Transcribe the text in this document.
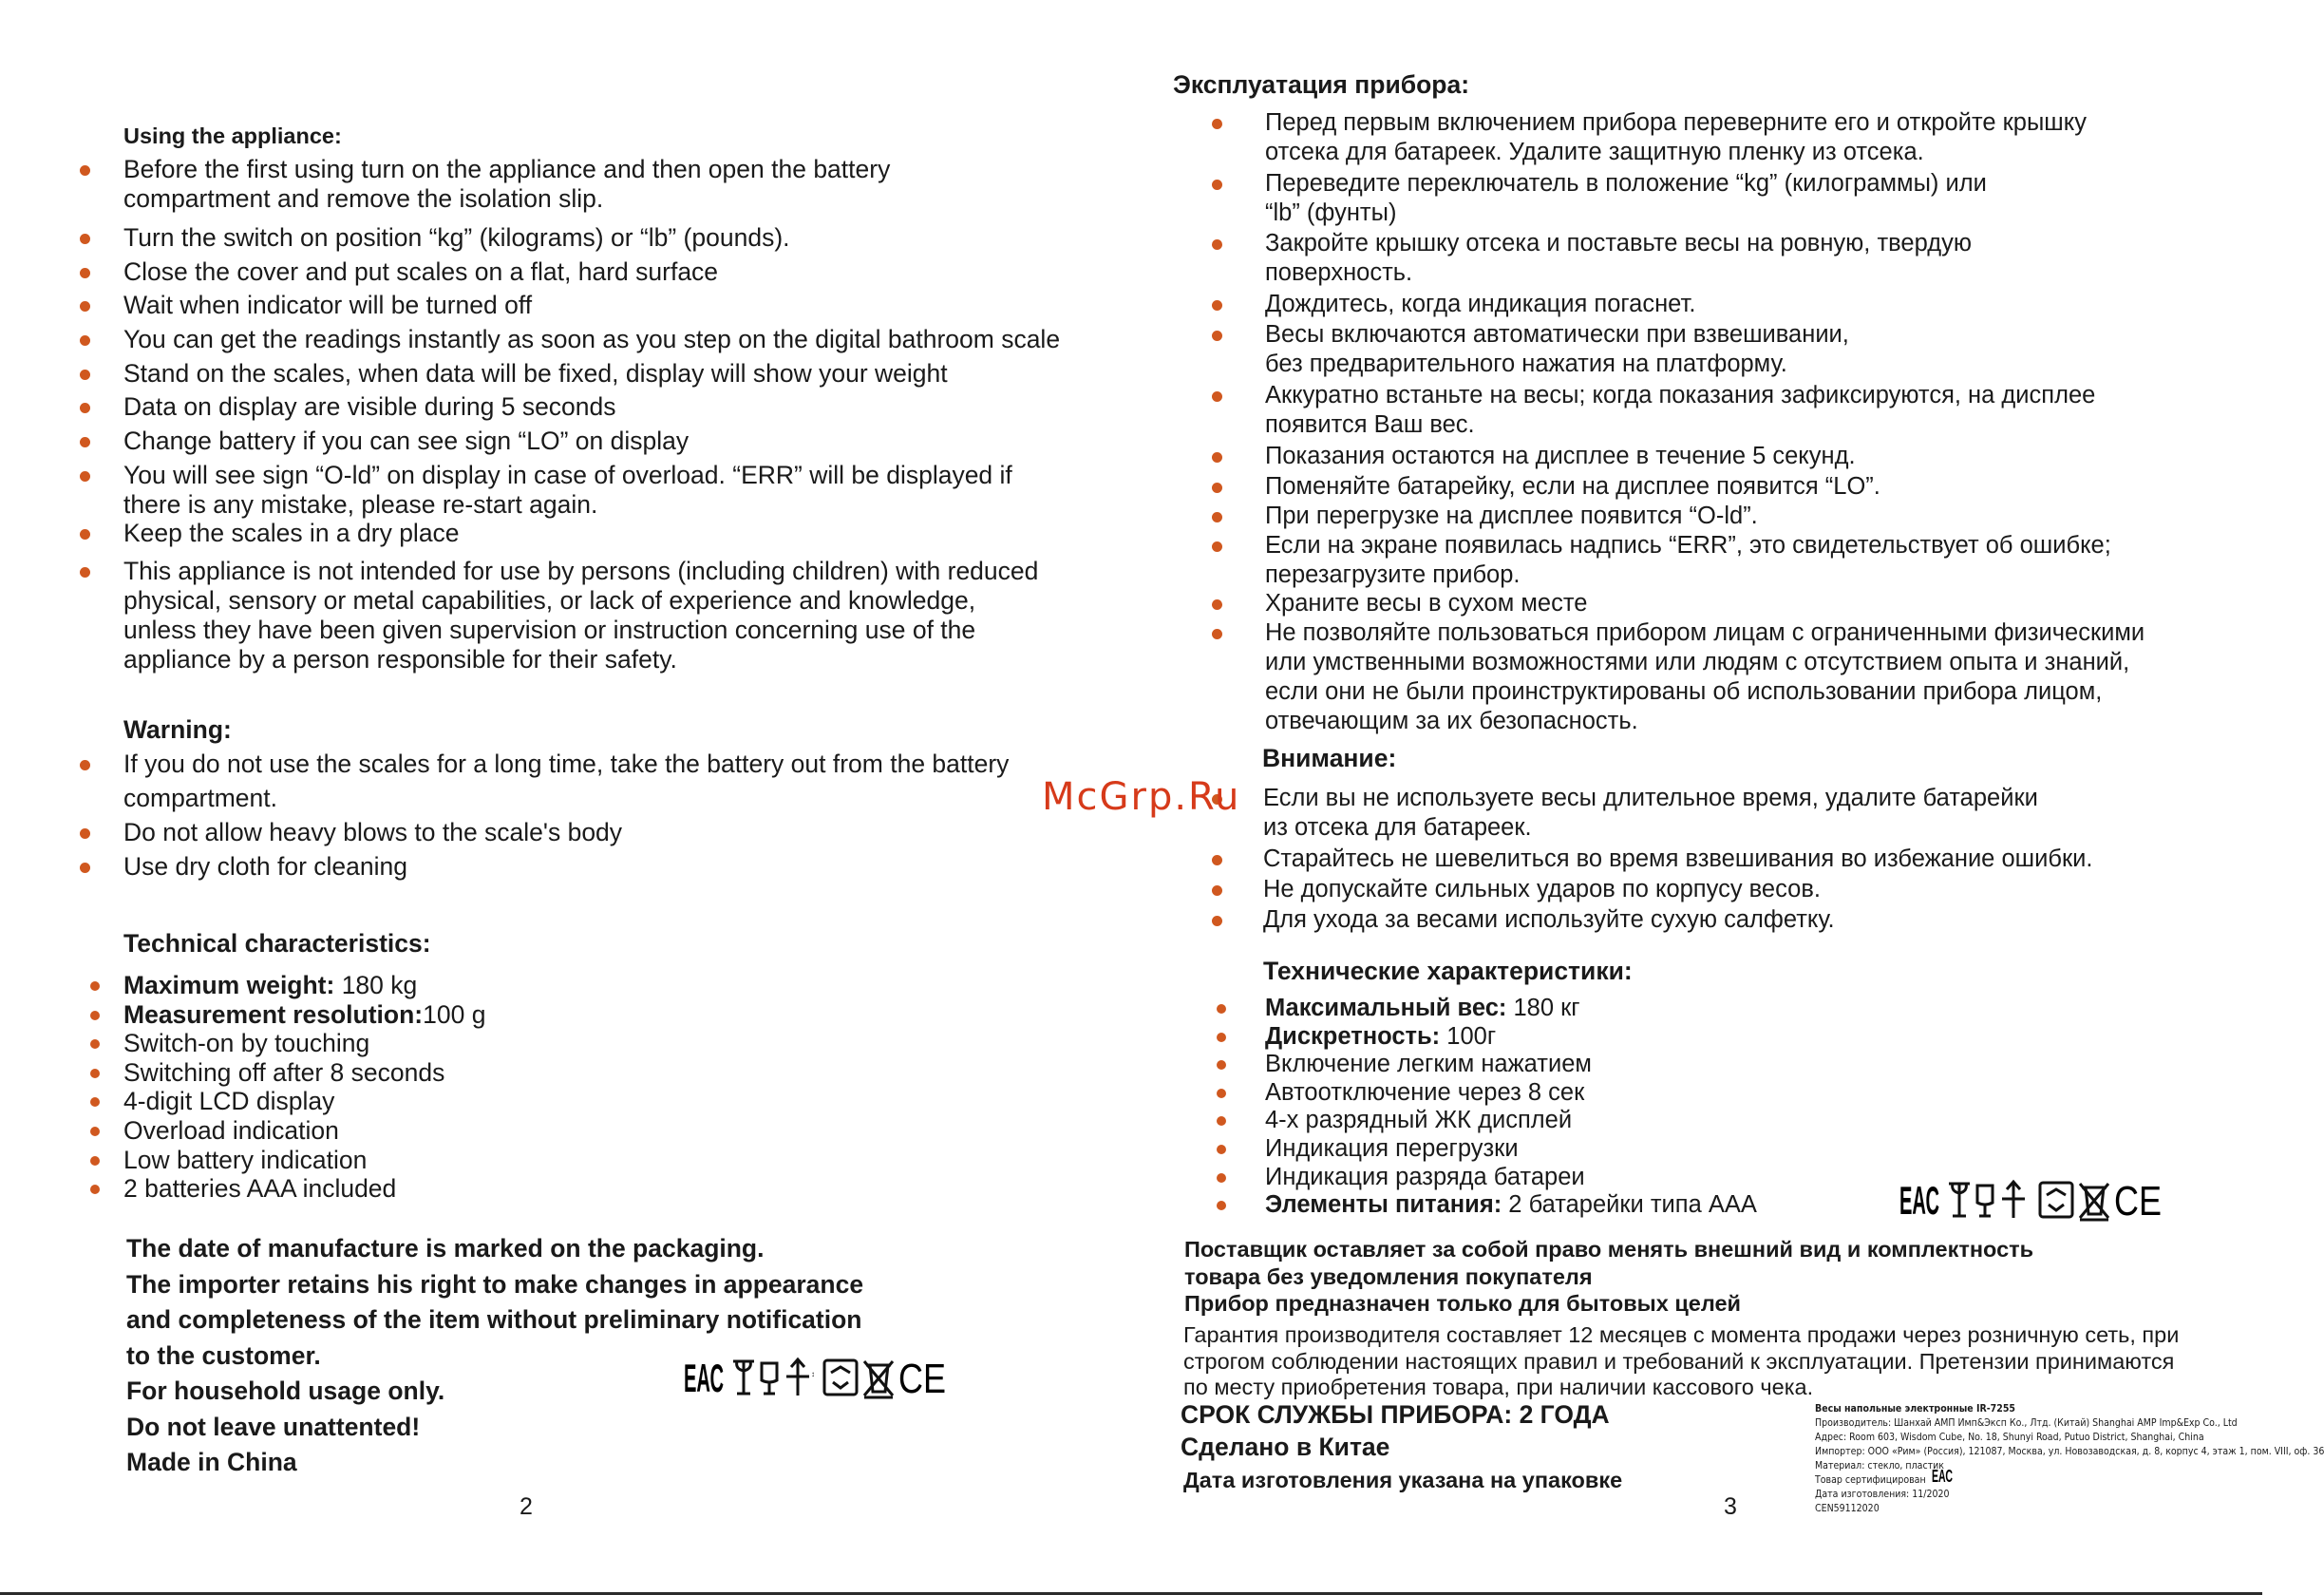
Using the appliance:
Before the first using turn on the appliance and then open the battery
compartment and remove the isolation slip.
Turn the switch on position “kg” (kilograms) or “lb” (pounds).
Close the cover and put scales on a flat, hard surface
Wait when indicator will be turned off
You can get the readings instantly as soon as you step on the digital bathroom scale
Stand on the scales, when data will be fixed, display will show your weight
Data on display are visible during 5 seconds
Change battery if you can see sign “LO” on display
You will see sign “O-ld” on display in case of overload. “ERR” will be displayed if
there is any mistake, please re-start again.
Keep the scales in a dry place
This appliance is not intended for use by persons (including children) with reduced
physical, sensory or metal capabilities, or lack of experience and knowledge,
unless they have been given supervision or instruction concerning use of the
appliance by a person responsible for their safety.
Warning:
If you do not use the scales for a long time, take the battery out from the battery
compartment.
Do not allow heavy blows to the scale's body
Use dry cloth for cleaning
Technical characteristics:
Maximum weight: 180 kg
Measurement resolution:100 g
Switch-on by touching
Switching off after 8 seconds
4-digit LCD display
Overload indication
Low battery indication
2 batteries AAA included
The date of manufacture is marked on the packaging.
The importer retains his right to make changes in appearance
and completeness of the item without preliminary notification
to the customer.
For household usage only.
Do not leave unattented!
Made in China
2
Эксплуатация прибора:
Перед первым включением прибора переверните его и откройте крышку
отсека для батареек. Удалите защитную пленку из отсека.
Переведите переключатель в положение “kg” (килограммы) или
“lb” (фунты)
Закройте крышку отсека и поставьте весы на ровную, твердую
поверхность.
Дождитесь, когда индикация погаснет.
Весы включаются автоматически при взвешивании,
без предварительного нажатия на платформу.
Аккуратно встаньте на весы; когда показания зафиксируются, на дисплее
появится Ваш вес.
Показания остаются на дисплее в течение 5 секунд.
Поменяйте батарейку, если на дисплее появится “LO”.
При перегрузке на дисплее появится “O-ld”.
Если на экране появилась надпись “ERR”, это свидетельствует об ошибке;
перезагрузите прибор.
Храните весы в сухом месте
Не позволяйте пользоваться прибором лицам с ограниченными физическими
или умственными возможностями или людям с отсутствием опыта и знаний,
если они не были проинструктированы об использовании прибора лицом,
отвечающим за их безопасность.
Внимание:
Если вы не используете весы длительное время, удалите батарейки
из отсека для батареек.
Старайтесь не шевелиться во время взвешивания во избежание ошибки.
Не допускайте сильных ударов по корпусу весов.
Для ухода за весами используйте сухую салфетку.
Технические характеристики:
Максимальный вес: 180 кг
Дискретность: 100г
Включение легким нажатием
Автоотключение через 8 сек
4-х разрядный ЖК дисплей
Индикация перегрузки
Индикация разряда батареи
Элементы питания: 2 батарейки типа ААА
Поставщик оставляет за собой право менять внешний вид и комплектность
товара без уведомления покупателя
Прибор предназначен только для бытовых целей
Гарантия производителя составляет 12 месяцев с момента продажи через розничную сеть, при
строгом соблюдении настоящих правил и требований к эксплуатации. Претензии принимаются
по месту приобретения товара, при наличии кассового чека.
СРОК СЛУЖБЫ ПРИБОРА: 2 ГОДА
Сделано в Китае
Дата изготовления указана на упаковке
3
McGrp.Ru
ЕАС	↕ CE
ЕАС	CE
Весы напольные электронные IR-7255
Производитель: Шанхай АМП Имп&Эксп Ко., Лтд. (Китай) Shanghai AMP Imp&Exp Co., Ltd
Адрес: Room 603, Wisdom Cube, No. 18, Shunyi Road, Putuo District, Shanghai, China
Импортер: ООО «Рим» (Россия), 121087, Москва, ул. Новозаводская, д. 8, корпус 4, этаж 1, пом. VIII, оф. 36
Материал: стекло, пластик
Товар сертифицирован
Дата изготовления: 11/2020
CEN59112020
ЕАС
